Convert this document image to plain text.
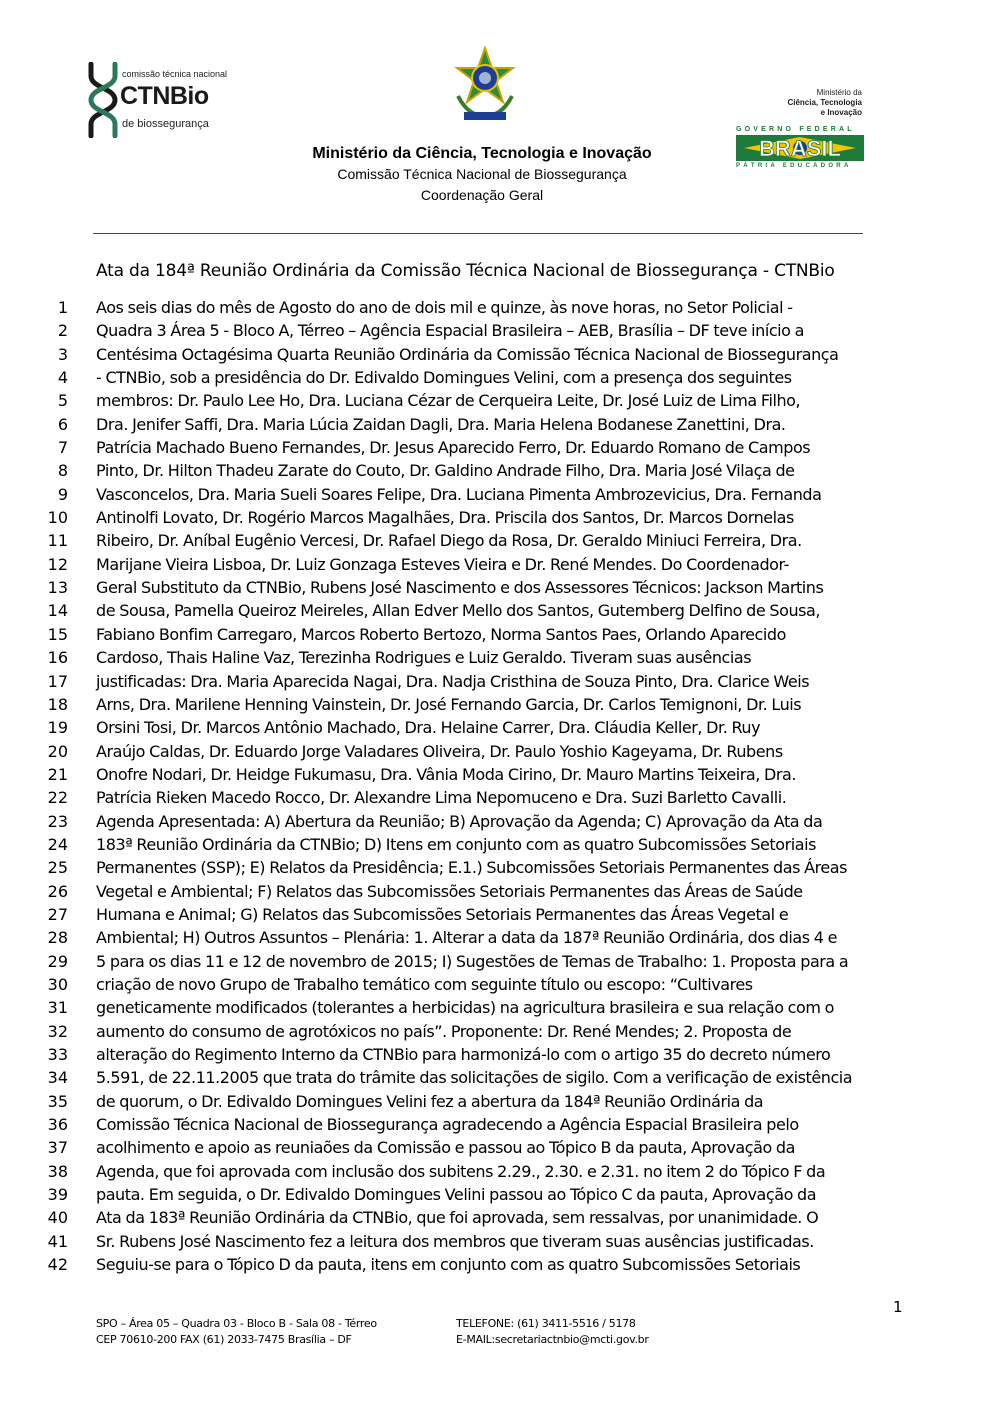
comissão técnica nacional
CTNBio
de biossegurança
Ministério da
Ciência, Tecnologia
e Inovação
GOVERNO FEDERAL
BRASIL
PÁTRIA EDUCADORA
Ministério da Ciência, Tecnologia e Inovação
Comissão Técnica Nacional de Biossegurança
Coordenação Geral
Ata da 184ª Reunião Ordinária da Comissão Técnica Nacional de Biossegurança - CTNBio
1 Aos seis dias do mês de Agosto do ano de dois mil e quinze, às nove horas, no Setor Policial -
2 Quadra 3 Área 5 - Bloco A, Térreo – Agência Espacial Brasileira – AEB, Brasília – DF teve início a
3 Centésima Octagésima Quarta Reunião Ordinária da Comissão Técnica Nacional de Biossegurança
4 - CTNBio, sob a presidência do Dr. Edivaldo Domingues Velini, com a presença dos seguintes
5 membros: Dr. Paulo Lee Ho, Dra. Luciana Cézar de Cerqueira Leite, Dr. José Luiz de Lima Filho,
6 Dra. Jenifer Saffi, Dra. Maria Lúcia Zaidan Dagli, Dra. Maria Helena Bodanese Zanettini, Dra.
7 Patrícia Machado Bueno Fernandes, Dr. Jesus Aparecido Ferro, Dr. Eduardo Romano de Campos
8 Pinto, Dr. Hilton Thadeu Zarate do Couto, Dr. Galdino Andrade Filho, Dra. Maria José Vilaça de
9 Vasconcelos, Dra. Maria Sueli Soares Felipe, Dra. Luciana Pimenta Ambrozevicius, Dra. Fernanda
10 Antinolfi Lovato, Dr. Rogério Marcos Magalhães, Dra. Priscila dos Santos, Dr. Marcos Dornelas
11 Ribeiro, Dr. Aníbal Eugênio Vercesi, Dr. Rafael Diego da Rosa, Dr. Geraldo Miniuci Ferreira, Dra.
12 Marijane Vieira Lisboa, Dr. Luiz Gonzaga Esteves Vieira e Dr. René Mendes. Do Coordenador-
13 Geral Substituto da CTNBio, Rubens José Nascimento e dos Assessores Técnicos: Jackson Martins
14 de Sousa, Pamella Queiroz Meireles, Allan Edver Mello dos Santos, Gutemberg Delfino de Sousa,
15 Fabiano Bonfim Carregaro, Marcos Roberto Bertozo, Norma Santos Paes, Orlando Aparecido
16 Cardoso, Thais Haline Vaz, Terezinha Rodrigues e Luiz Geraldo. Tiveram suas ausências
17 justificadas: Dra. Maria Aparecida Nagai, Dra. Nadja Cristhina de Souza Pinto, Dra. Clarice Weis
18 Arns, Dra. Marilene Henning Vainstein, Dr. José Fernando Garcia, Dr. Carlos Temignoni, Dr. Luis
19 Orsini Tosi, Dr. Marcos Antônio Machado, Dra. Helaine Carrer, Dra. Cláudia Keller, Dr. Ruy
20 Araújo Caldas, Dr. Eduardo Jorge Valadares Oliveira, Dr. Paulo Yoshio Kageyama, Dr. Rubens
21 Onofre Nodari, Dr. Heidge Fukumasu, Dra. Vânia Moda Cirino, Dr. Mauro Martins Teixeira, Dra.
22 Patrícia Rieken Macedo Rocco, Dr. Alexandre Lima Nepomuceno e Dra. Suzi Barletto Cavalli.
23 Agenda Apresentada: A) Abertura da Reunião; B) Aprovação da Agenda; C) Aprovação da Ata da
24 183ª Reunião Ordinária da CTNBio; D) Itens em conjunto com as quatro Subcomissões Setoriais
25 Permanentes (SSP); E) Relatos da Presidência; E.1.) Subcomissões Setoriais Permanentes das Áreas
26 Vegetal e Ambiental; F) Relatos das Subcomissões Setoriais Permanentes das Áreas de Saúde
27 Humana e Animal; G) Relatos das Subcomissões Setoriais Permanentes das Áreas Vegetal e
28 Ambiental; H) Outros Assuntos – Plenária: 1. Alterar a data da 187ª Reunião Ordinária, dos dias 4 e
29 5 para os dias 11 e 12 de novembro de 2015; I) Sugestões de Temas de Trabalho: 1. Proposta para a
30 criação de novo Grupo de Trabalho temático com seguinte título ou escopo: “Cultivares
31 geneticamente modificados (tolerantes a herbicidas) na agricultura brasileira e sua relação com o
32 aumento do consumo de agrotóxicos no país”. Proponente: Dr. René Mendes; 2. Proposta de
33 alteração do Regimento Interno da CTNBio para harmonizá-lo com o artigo 35 do decreto número
34 5.591, de 22.11.2005 que trata do trâmite das solicitações de sigilo. Com a verificação de existência
35 de quorum, o Dr. Edivaldo Domingues Velini fez a abertura da 184ª Reunião Ordinária da
36 Comissão Técnica Nacional de Biossegurança agradecendo a Agência Espacial Brasileira pelo
37 acolhimento e apoio as reuniaões da Comissão e passou ao Tópico B da pauta, Aprovação da
38 Agenda, que foi aprovada com inclusão dos subitens 2.29., 2.30. e 2.31. no item 2 do Tópico F da
39 pauta. Em seguida, o Dr. Edivaldo Domingues Velini passou ao Tópico C da pauta, Aprovação da
40 Ata da 183ª Reunião Ordinária da CTNBio, que foi aprovada, sem ressalvas, por unanimidade. O
41 Sr. Rubens José Nascimento fez a leitura dos membros que tiveram suas ausências justificadas.
42 Seguiu-se para o Tópico D da pauta, itens em conjunto com as quatro Subcomissões Setoriais
1
SPO – Área 05 – Quadra 03 - Bloco B - Sala 08 - Térreo
CEP 70610-200 FAX (61) 2033-7475 Brasília – DF
TELEFONE: (61) 3411-5516 / 5178
E-MAIL:secretariactnbio@mcti.gov.br
